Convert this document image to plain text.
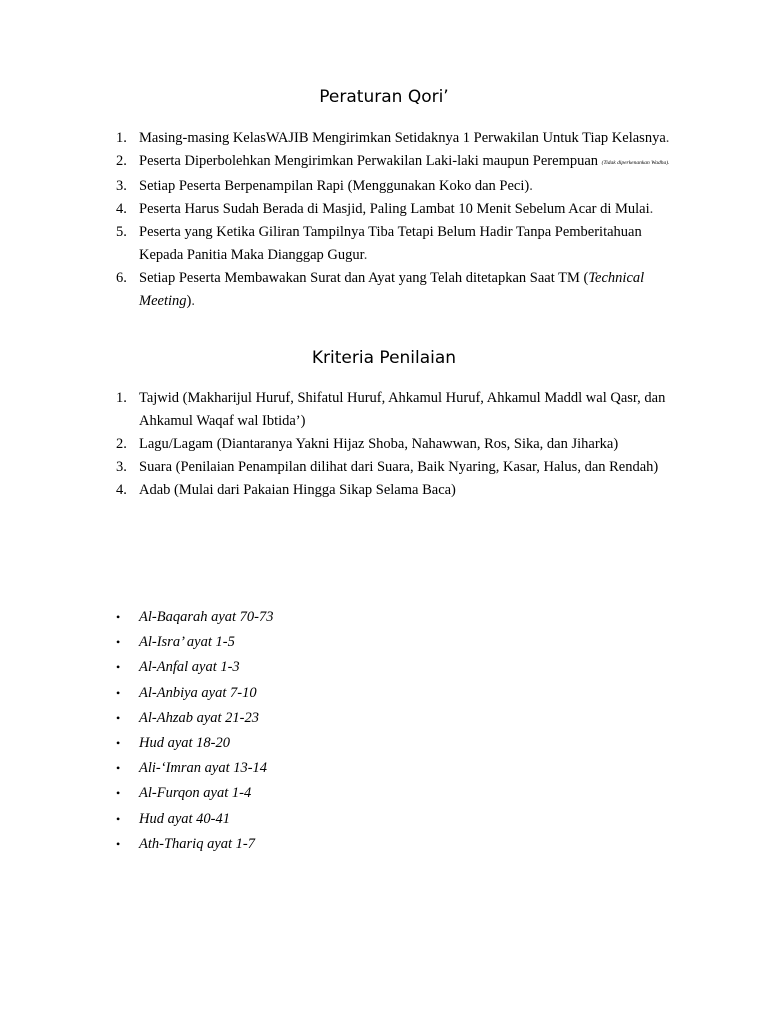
Peraturan Qori’
1. Masing-masing KelasWAJIB Mengirimkan Setidaknya 1 Perwakilan Untuk Tiap Kelasnya.
2. Peserta Diperbolehkan Mengirimkan Perwakilan Laki-laki maupun Perempuan (Tidak diperkenankan Wadha).
3. Setiap Peserta Berpenampilan Rapi (Menggunakan Koko dan Peci).
4. Peserta Harus Sudah Berada di Masjid, Paling Lambat 10 Menit Sebelum Acar di Mulai.
5. Peserta yang Ketika Giliran Tampilnya Tiba Tetapi Belum Hadir Tanpa Pemberitahuan Kepada Panitia Maka Dianggap Gugur.
6. Setiap Peserta Membawakan Surat dan Ayat yang Telah ditetapkan Saat TM (Technical Meeting).
Kriteria Penilaian
1. Tajwid (Makharijul Huruf, Shifatul Huruf, Ahkamul Huruf, Ahkamul Maddl wal Qasr, dan Ahkamul Waqaf wal Ibtida’)
2. Lagu/Lagam (Diantaranya Yakni Hijaz Shoba, Nahawwan, Ros, Sika, dan Jiharka)
3. Suara (Penilaian Penampilan dilihat dari Suara, Baik Nyaring, Kasar, Halus, dan Rendah)
4. Adab (Mulai dari Pakaian Hingga Sikap Selama Baca)
• Al-Baqarah ayat 70-73
• Al-Isra’ ayat 1-5
• Al-Anfal ayat 1-3
• Al-Anbiya ayat 7-10
• Al-Ahzab ayat 21-23
• Hud ayat 18-20
• Ali-‘Imran ayat 13-14
• Al-Furqon ayat 1-4
• Hud ayat 40-41
• Ath-Thariq ayat 1-7
